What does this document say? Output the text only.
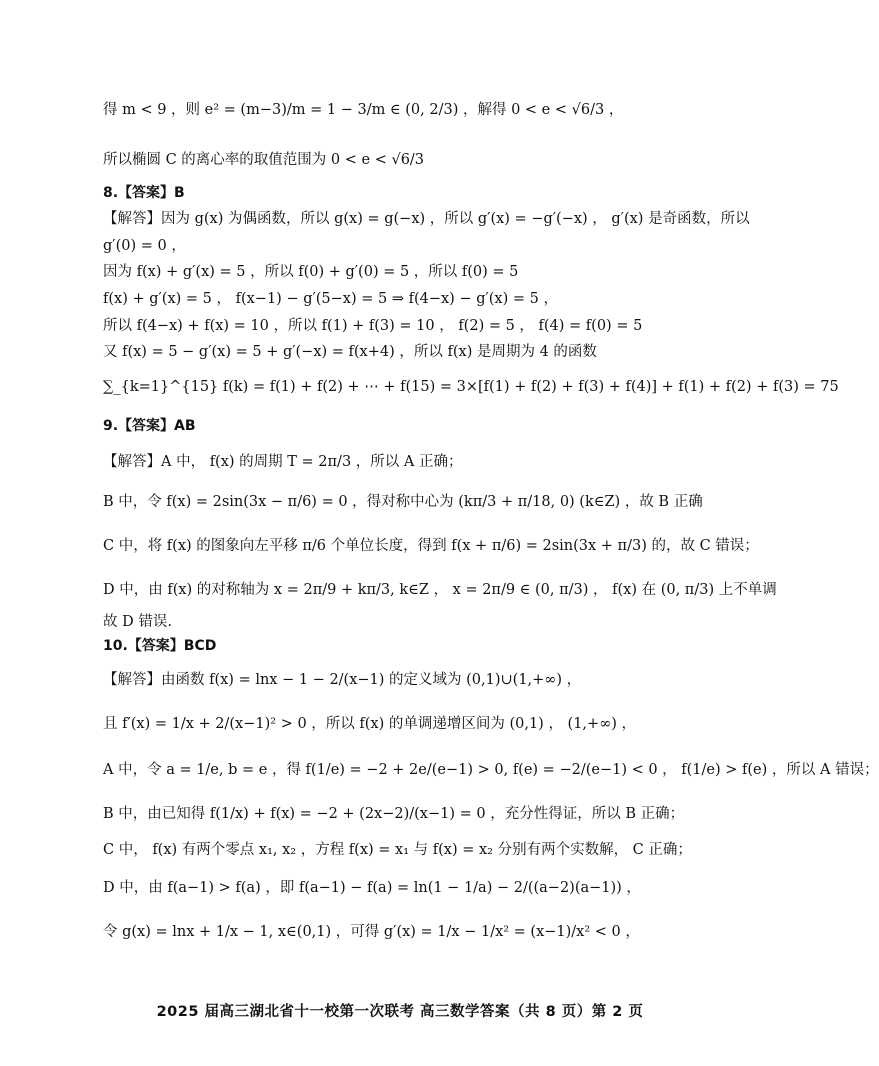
得 m < 9 ，则 e² = (m−3)/m = 1 − 3/m ∈ (0, 2/3) ，解得 0 < e < √6/3 ，
所以椭圆 C 的离心率的取值范围为 0 < e < √6/3
8.【答案】B
【解答】因为 g(x) 为偶函数，所以 g(x) = g(−x) ，所以 g′(x) = −g′(−x) ， g′(x) 是奇函数，所以
g′(0) = 0 ，
因为 f(x) + g′(x) = 5 ，所以 f(0) + g′(0) = 5 ，所以 f(0) = 5
f(x) + g′(x) = 5 ， f(x−1) − g′(5−x) = 5 ⇒ f(4−x) − g′(x) = 5 ，
所以 f(4−x) + f(x) = 10 ，所以 f(1) + f(3) = 10 ， f(2) = 5 ， f(4) = f(0) = 5
又 f(x) = 5 − g′(x) = 5 + g′(−x) = f(x+4) ，所以 f(x) 是周期为 4 的函数
∑_{k=1}^{15} f(k) = f(1) + f(2) + ⋯ + f(15) = 3×[f(1) + f(2) + f(3) + f(4)] + f(1) + f(2) + f(3) = 75
9.【答案】AB
【解答】A 中， f(x) 的周期 T = 2π/3 ，所以 A 正确；
B 中，令 f(x) = 2sin(3x − π/6) = 0 ，得对称中心为 (kπ/3 + π/18, 0) (k∈Z) ，故 B 正确
C 中，将 f(x) 的图象向左平移 π/6 个单位长度，得到 f(x + π/6) = 2sin(3x + π/3) 的，故 C 错误；
D 中，由 f(x) 的对称轴为 x = 2π/9 + kπ/3, k∈Z ， x = 2π/9 ∈ (0, π/3) ， f(x) 在 (0, π/3) 上不单调
故 D 错误.
10.【答案】BCD
【解答】由函数 f(x) = lnx − 1 − 2/(x−1) 的定义域为 (0,1)∪(1,+∞) ，
且 f′(x) = 1/x + 2/(x−1)² > 0 ，所以 f(x) 的单调递增区间为 (0,1) ， (1,+∞) ，
A 中，令 a = 1/e, b = e ，得 f(1/e) = −2 + 2e/(e−1) > 0, f(e) = −2/(e−1) < 0 ， f(1/e) > f(e) ，所以 A 错误；
B 中，由已知得 f(1/x) + f(x) = −2 + (2x−2)/(x−1) = 0 ，充分性得证，所以 B 正确；
C 中， f(x) 有两个零点 x₁, x₂ ，方程 f(x) = x₁ 与 f(x) = x₂ 分别有两个实数解， C 正确；
D 中，由 f(a−1) > f(a) ，即 f(a−1) − f(a) = ln(1 − 1/a) − 2/((a−2)(a−1)) ，
令 g(x) = lnx + 1/x − 1, x∈(0,1) ，可得 g′(x) = 1/x − 1/x² = (x−1)/x² < 0 ，
2025 届高三湖北省十一校第一次联考 高三数学答案（共 8 页）第 2 页
